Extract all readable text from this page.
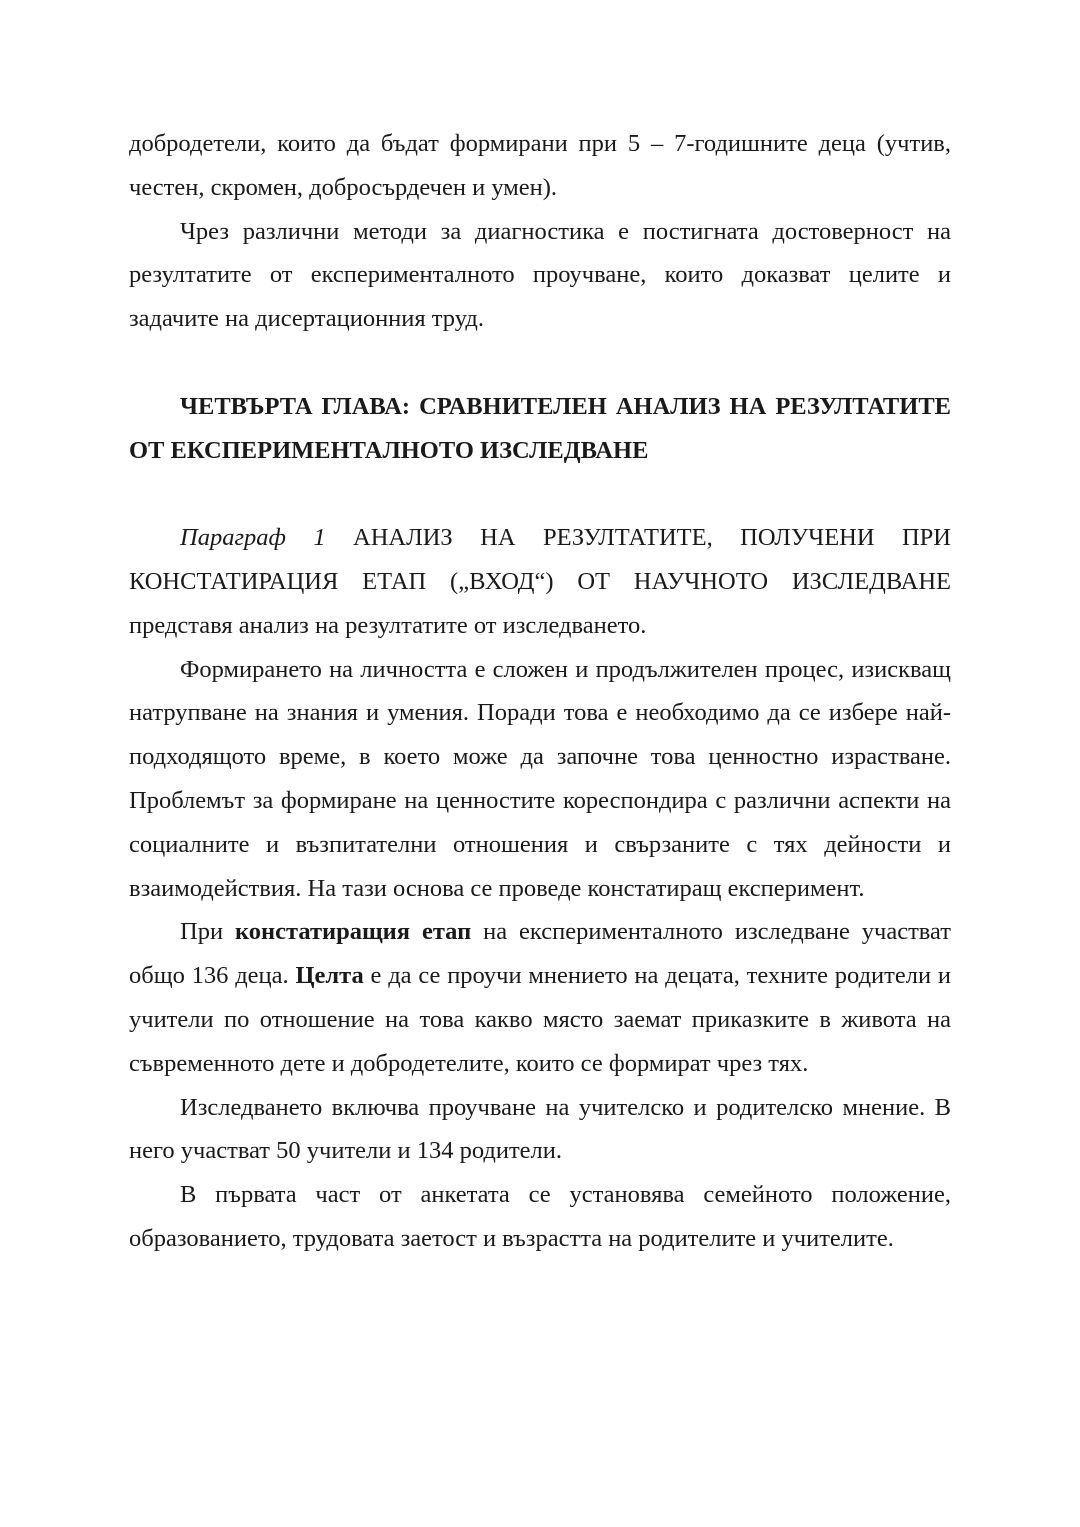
добродетели, които да бъдат формирани при 5 – 7-годишните деца (учтив, честен, скромен, добросърдечен и умен).

Чрез различни методи за диагностика е постигната достоверност на резултатите от експерименталното проучване, които доказват целите и задачите на дисертационния труд.

ЧЕТВЪРТА ГЛАВА: СРАВНИТЕЛЕН АНАЛИЗ НА РЕЗУЛТАТИТЕ ОТ ЕКСПЕРИМЕНТАЛНОТО ИЗСЛЕДВАНЕ

Параграф 1 АНАЛИЗ НА РЕЗУЛТАТИТЕ, ПОЛУЧЕНИ ПРИ КОНСТАТИРАЦИЯ ЕТАП („ВХОД“) ОТ НАУЧНОТО ИЗСЛЕДВАНЕ представя анализ на резултатите от изследването.

Формирането на личността е сложен и продължителен процес, изискващ натрупване на знания и умения. Поради това е необходимо да се избере най-подходящото време, в което може да започне това ценностно израстване. Проблемът за формиране на ценностите кореспондира с различни аспекти на социалните и възпитателни отношения и свързаните с тях дейности и взаимодействия. На тази основа се проведе констатиращ експеримент.

При констатиращия етап на експерименталното изследване участват общо 136 деца. Целта е да се проучи мнението на децата, техните родители и учители по отношение на това какво място заемат приказките в живота на съвременното дете и добродетелите, които се формират чрез тях.

Изследването включва проучване на учителско и родителско мнение. В него участват 50 учители и 134 родители.

В първата част от анкетата се установява семейното положение, образованието, трудовата заетост и възрастта на родителите и учителите.
